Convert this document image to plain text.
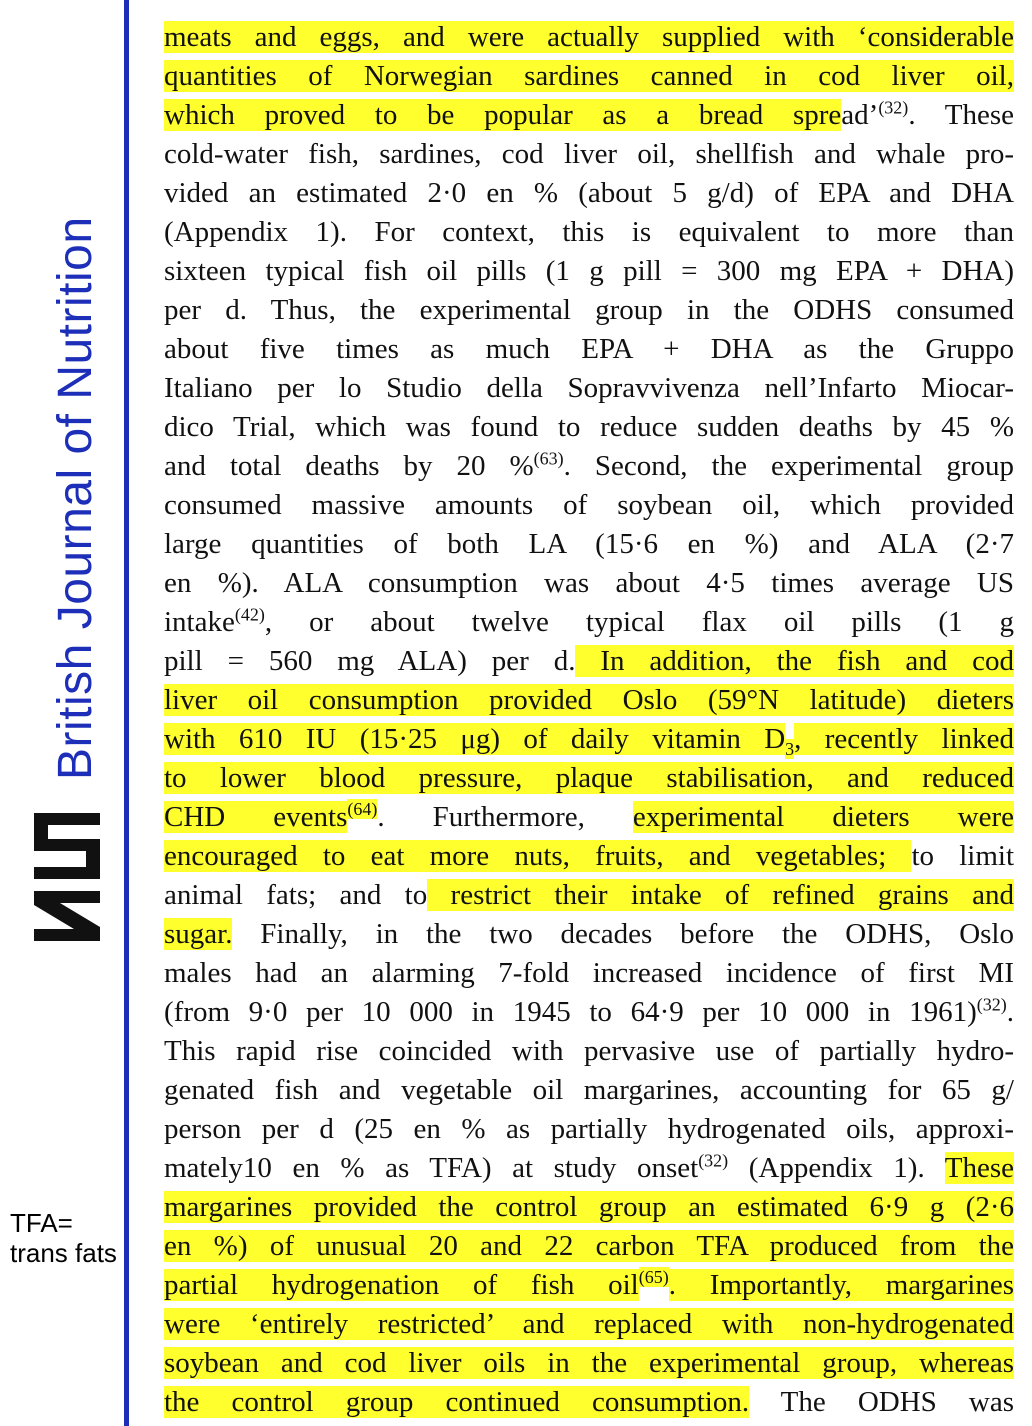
British Journal of Nutrition
TFA=
trans fats
meats and eggs, and were actually supplied with ‘considerable
quantities of Norwegian sardines canned in cod liver oil,
which proved to be popular as a bread spread’$^{(32)}$. These
cold-water fish, sardines, cod liver oil, shellfish and whale pro-
vided an estimated 2·0 en % (about 5 g/d) of EPA and DHA
(Appendix 1). For context, this is equivalent to more than
sixteen typical fish oil pills (1 g pill = 300 mg EPA + DHA)
per d. Thus, the experimental group in the ODHS consumed
about five times as much EPA + DHA as the Gruppo
Italiano per lo Studio della Sopravvivenza nell’Infarto Miocar-
dico Trial, which was found to reduce sudden deaths by 45 %
and total deaths by 20 %$^{(63)}$. Second, the experimental group
consumed massive amounts of soybean oil, which provided
large quantities of both LA (15·6 en %) and ALA (2·7
en %). ALA consumption was about 4·5 times average US
intake$^{(42)}$, or about twelve typical flax oil pills (1 g
pill = 560 mg ALA) per d. In addition, the fish and cod
liver oil consumption provided Oslo (59°N latitude) dieters
with 610 IU (15·25 μg) of daily vitamin $D_3$, recently linked
to lower blood pressure, plaque stabilisation, and reduced
CHD events$^{(64)}$. Furthermore, experimental dieters were
encouraged to eat more nuts, fruits, and vegetables; to limit
animal fats; and to restrict their intake of refined grains and
sugar. Finally, in the two decades before the ODHS, Oslo
males had an alarming 7-fold increased incidence of first MI
(from 9·0 per 10 000 in 1945 to 64·9 per 10 000 in 1961)$^{(32)}$.
This rapid rise coincided with pervasive use of partially hydro-
genated fish and vegetable oil margarines, accounting for 65 g/
person per d (25 en % as partially hydrogenated oils, approxi-
mately10 en % as TFA) at study onset$^{(32)}$ (Appendix 1). These
margarines provided the control group an estimated 6·9 g (2·6
en %) of unusual 20 and 22 carbon TFA produced from the
partial hydrogenation of fish oil$^{(65)}$. Importantly, margarines
were ‘entirely restricted’ and replaced with non-hydrogenated
soybean and cod liver oils in the experimental group, whereas
the control group continued consumption. The ODHS was
